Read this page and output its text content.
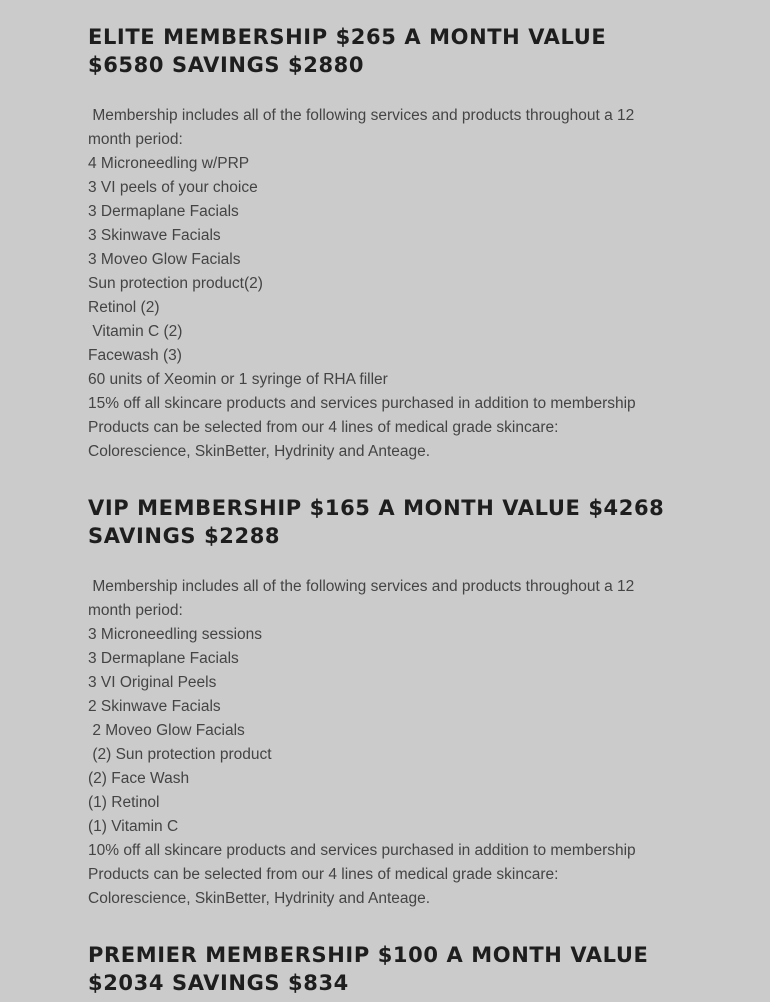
ELITE MEMBERSHIP $265 A MONTH VALUE $6580 SAVINGS $2880
Membership includes all of the following services and products throughout a 12 month period:
4 Microneedling w/PRP
3 VI peels of your choice
3 Dermaplane Facials
3 Skinwave Facials
3 Moveo Glow Facials
Sun protection product(2)
Retinol (2)
Vitamin C (2)
Facewash (3)
60 units of Xeomin or 1 syringe of RHA filler
15% off all skincare products and services purchased in addition to membership
Products can be selected from our 4 lines of medical grade skincare: Colorescience, SkinBetter, Hydrinity and Anteage.
VIP MEMBERSHIP $165 A MONTH VALUE $4268 SAVINGS $2288
Membership includes all of the following services and products throughout a 12 month period:
3 Microneedling sessions
3 Dermaplane Facials
3 VI Original Peels
2 Skinwave Facials
2 Moveo Glow Facials
(2) Sun protection product
(2) Face Wash
(1) Retinol
(1) Vitamin C
10% off all skincare products and services purchased in addition to membership
Products can be selected from our 4 lines of medical grade skincare: Colorescience, SkinBetter, Hydrinity and Anteage.
PREMIER MEMBERSHIP $100 A MONTH VALUE $2034 SAVINGS $834
